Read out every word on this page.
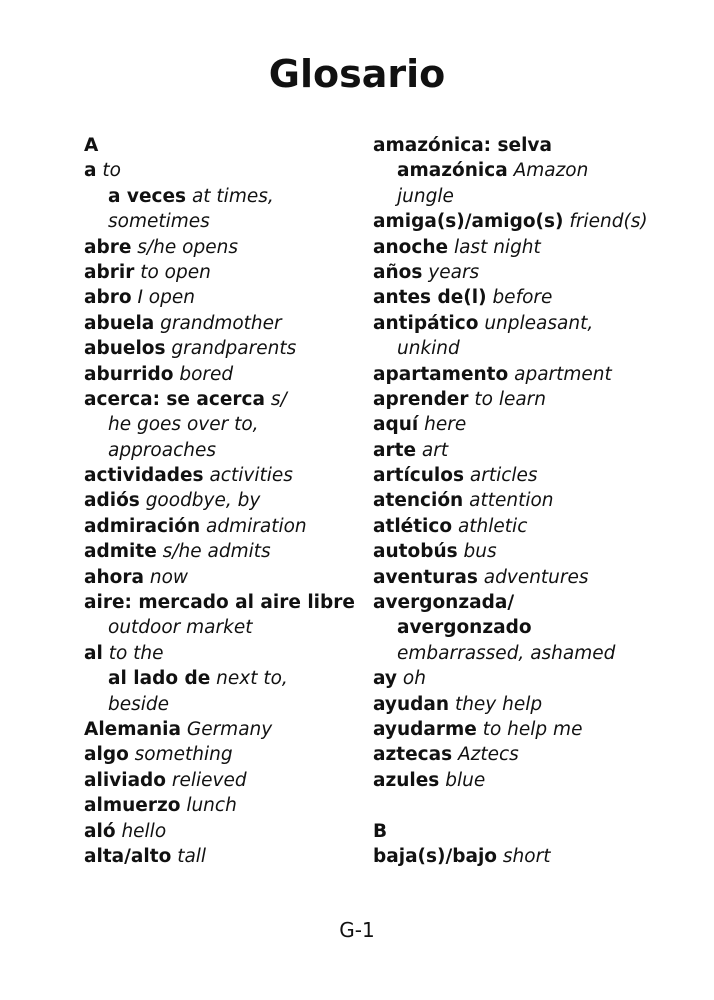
Glosario
A
a to
a veces at times,
sometimes
abre s/he opens
abrir to open
abro I open
abuela grandmother
abuelos grandparents
aburrido bored
acerca: se acerca s/
he goes over to,
approaches
actividades activities
adiós goodbye, by
admiración admiration
admite s/he admits
ahora now
aire: mercado al aire libre
outdoor market
al to the
al lado de next to,
beside
Alemania Germany
algo something
aliviado relieved
almuerzo lunch
aló hello
alta/alto tall
amazónica: selva
amazónica Amazon
jungle
amiga(s)/amigo(s) friend(s)
anoche last night
años years
antes de(l) before
antipático unpleasant,
unkind
apartamento apartment
aprender to learn
aquí here
arte art
artículos articles
atención attention
atlético athletic
autobús bus
aventuras adventures
avergonzada/
avergonzado
embarrassed, ashamed
ay oh
ayudan they help
ayudarme to help me
aztecas Aztecs
azules blue
B
baja(s)/bajo short
G-1
